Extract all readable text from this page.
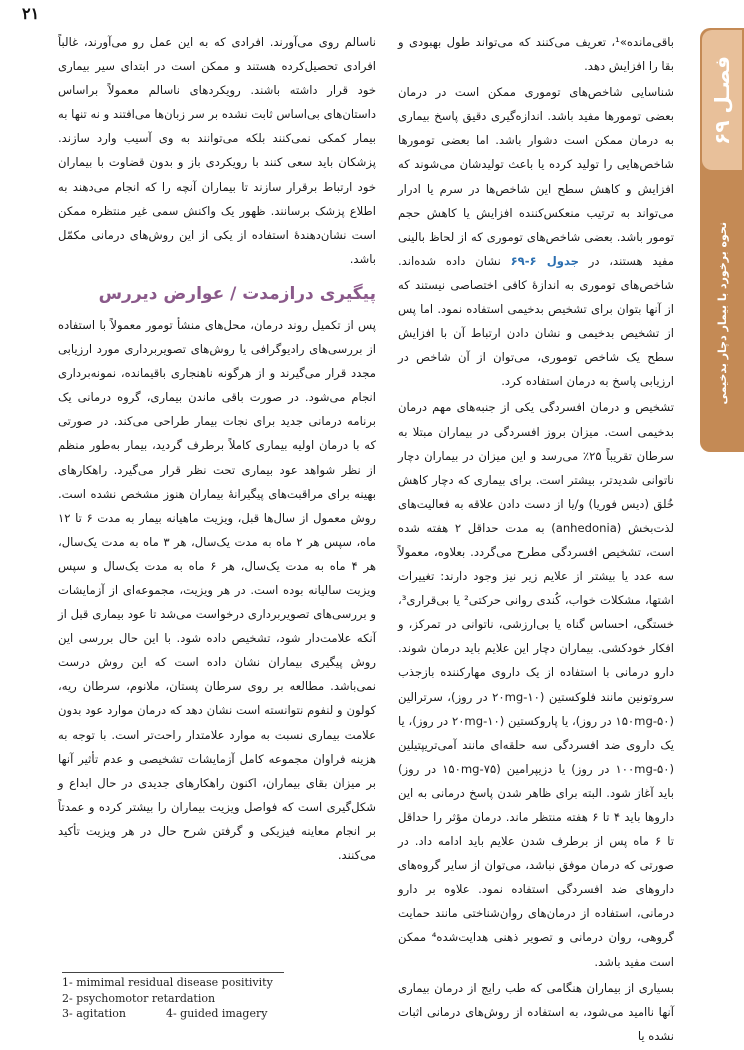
۲۱
فصـل ۶۹
نحوه برخورد با بیمار دچار بدخیمی

باقی‌مانده»¹، تعریف می‌کنند که می‌تواند طول بهبودی و بقا را افزایش دهد.

شناسایی شاخص‌های توموری ممکن است در درمان بعضی تومورها مفید باشد. اندازه‌گیری دقیق پاسخ بیماری به درمان ممکن است دشوار باشد. اما بعضی تومورها شاخص‌هایی را تولید کرده یا باعث تولیدشان می‌شوند که افزایش و کاهش سطح این شاخص‌ها در سرم یا ادرار می‌تواند به ترتیب منعکس‌کننده افزایش یا کاهش حجم تومور باشد. بعضی شاخص‌های توموری که از لحاظ بالینی مفید هستند، در جدول ۶-۶۹ نشان داده شده‌اند. شاخص‌های توموری به اندازهٔ کافی اختصاصی نیستند که از آنها بتوان برای تشخیص بدخیمی استفاده نمود. اما پس از تشخیص بدخیمی و نشان دادن ارتباط آن با افزایش سطح یک شاخص توموری، می‌توان از آن شاخص در ارزیابی پاسخ به درمان استفاده کرد.

تشخیص و درمان افسردگی یکی از جنبه‌های مهم درمان بدخیمی است. میزان بروز افسردگی در بیماران مبتلا به سرطان تقریباً ۲۵٪ می‌رسد و این میزان در بیماران دچار ناتوانی شدیدتر، بیشتر است. برای بیماری که دچار کاهش خُلق (دیس فوریا) و/یا از دست دادن علاقه به فعالیت‌های لذت‌بخش (anhedonia) به مدت حداقل ۲ هفته شده است، تشخیص افسردگی مطرح می‌گردد. بعلاوه، معمولاً سه عدد یا بیشتر از علایم زیر نیز وجود دارند: تغییرات اشتها، مشکلات خواب، کُندی روانی حرکتی² یا بی‌قراری³، خستگی، احساس گناه یا بی‌ارزشی، ناتوانی در تمرکز، و افکار خودکشی. بیماران دچار این علایم باید درمان شوند. دارو درمانی با استفاده از یک داروی مهارکننده بازجذب سروتونین مانند فلوکستین (۱۰-۲۰mg در روز)، سرترالین (۵۰-۱۵۰mg در روز)، یا پاروکستین (۱۰-۲۰mg در روز)، یا یک داروی ضد افسردگی سه حلقه‌ای مانند آمی‌تریپتیلین (۵۰-۱۰۰mg در روز) یا دزیپرامین (۷۵-۱۵۰mg در روز) باید آغاز شود. البته برای ظاهر شدن پاسخ درمانی به این داروها باید ۴ تا ۶ هفته منتظر ماند. درمان مؤثر را حداقل تا ۶ ماه پس از برطرف شدن علایم باید ادامه داد. در صورتی که درمان موفق نباشد، می‌توان از سایر گروه‌های داروهای ضد افسردگی استفاده نمود. علاوه بر دارو درمانی، استفاده از درمان‌های روان‌شناختی مانند حمایت گروهی، روان درمانی و تصویر ذهنی هدایت‌شده⁴ ممکن است مفید باشد.

بسیاری از بیماران هنگامی که طب رایج از درمان بیماری آنها ناامید می‌شود، به استفاده از روش‌های درمانی اثبات نشده یا

ناسالم روی می‌آورند. افرادی که به این عمل رو می‌آورند، غالباً افرادی تحصیل‌کرده هستند و ممکن است در ابتدای سیر بیماری خود قرار داشته باشند. رویکردهای ناسالم معمولاً براساس داستان‌های بی‌اساس ثابت نشده بر سر زبان‌ها می‌افتند و نه تنها به بیمار کمکی نمی‌کنند بلکه می‌توانند به وی آسیب وارد سازند. پزشکان باید سعی کنند با رویکردی باز و بدون قضاوت با بیماران خود ارتباط برقرار سازند تا بیماران آنچه را که انجام می‌دهند به اطلاع پزشک برسانند. ظهور یک واکنش سمی غیر منتظره ممکن است نشان‌دهندهٔ استفاده از یکی از این روش‌های درمانی مکمّل باشد.

پیگیری درازمدت / عوارض دیررس

پس از تکمیل روند درمان، محل‌های منشأ تومور معمولاً با استفاده از بررسی‌های رادیوگرافی یا روش‌های تصویربرداری مورد ارزیابی مجدد قرار می‌گیرند و از هرگونه ناهنجاری باقیمانده، نمونه‌برداری انجام می‌شود. در صورت باقی ماندن بیماری، گروه درمانی یک برنامه درمانی جدید برای نجات بیمار طراحی می‌کند. در صورتی که با درمان اولیه بیماری کاملاً برطرف گردید، بیمار به‌طور منظم از نظر شواهد عود بیماری تحت نظر قرار می‌گیرد. راهکارهای بهینه برای مراقبت‌های پیگیرانهٔ بیماران هنوز مشخص نشده است. روش معمول از سال‌ها قبل، ویزیت ماهیانه بیمار به مدت ۶ تا ۱۲ ماه، سپس هر ۲ ماه به مدت یک‌سال، هر ۳ ماه به مدت یک‌سال، هر ۴ ماه به مدت یک‌سال، هر ۶ ماه به مدت یک‌سال و سپس ویزیت سالیانه بوده است. در هر ویزیت، مجموعه‌ای از آزمایشات و بررسی‌های تصویربرداری درخواست می‌شد تا عود بیماری قبل از آنکه علامت‌دار شود، تشخیص داده شود. با این حال بررسی این روش پیگیری بیماران نشان داده است که این روش درست نمی‌باشد. مطالعه بر روی سرطان پستان، ملانوم، سرطان ریه، کولون و لنفوم نتوانسته است نشان دهد که درمان موارد عود بدون علامت بیماری نسبت به موارد علامتدار راحت‌تر است. با توجه به هزینه فراوان مجموعه کامل آزمایشات تشخیصی و عدم تأثیر آنها بر میزان بقای بیماران، اکنون راهکارهای جدیدی در حال ابداع و شکل‌گیری است که فواصل ویزیت بیماران را بیشتر کرده و عمدتاً بر انجام معاینه فیزیکی و گرفتن شرح حال در هر ویزیت تأکید می‌کنند.

1- mimimal residual disease positivity
2- psychomotor retardation
3- agitation	4- guided imagery
